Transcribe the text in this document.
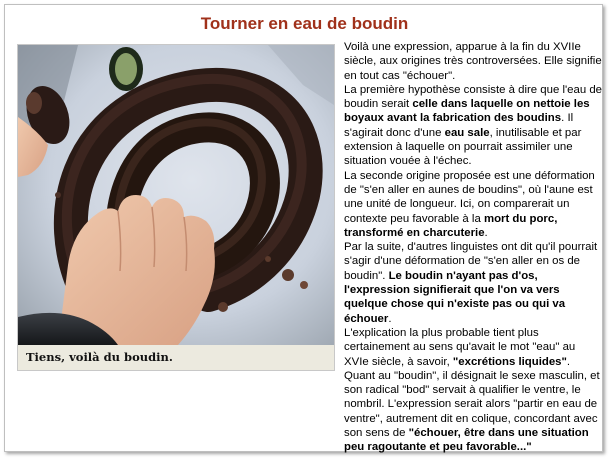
Tourner en eau de boudin

Tiens, voilà du boudin.

Voilà une expression, apparue à la fin du XVIIe siècle, aux origines très controversées. Elle signifie en tout cas "échouer".

La première hypothèse consiste à dire que l'eau de boudin serait celle dans laquelle on nettoie les boyaux avant la fabrication des boudins. Il s'agirait donc d'une eau sale, inutilisable et par extension à laquelle on pourrait assimiler une situation vouée à l'échec.

La seconde origine proposée est une déformation de "s'en aller en aunes de boudins", où l'aune est une unité de longueur. Ici, on comparerait un contexte peu favorable à la mort du porc, transformé en charcuterie.

Par la suite, d'autres linguistes ont dit qu'il pourrait s'agir d'une déformation de "s'en aller en os de boudin". Le boudin n'ayant pas d'os, l'expression signifierait que l'on va vers quelque chose qui n'existe pas ou qui va échouer.

L'explication la plus probable tient plus certainement au sens qu'avait le mot "eau" au XVIe siècle, à savoir, "excrétions liquides". Quant au "boudin", il désignait le sexe masculin, et son radical "bod" servait à qualifier le ventre, le nombril. L'expression serait alors "partir en eau de ventre", autrement dit en colique, concordant avec son sens de "échouer, être dans une situation peu ragoutante et peu favorable..."
